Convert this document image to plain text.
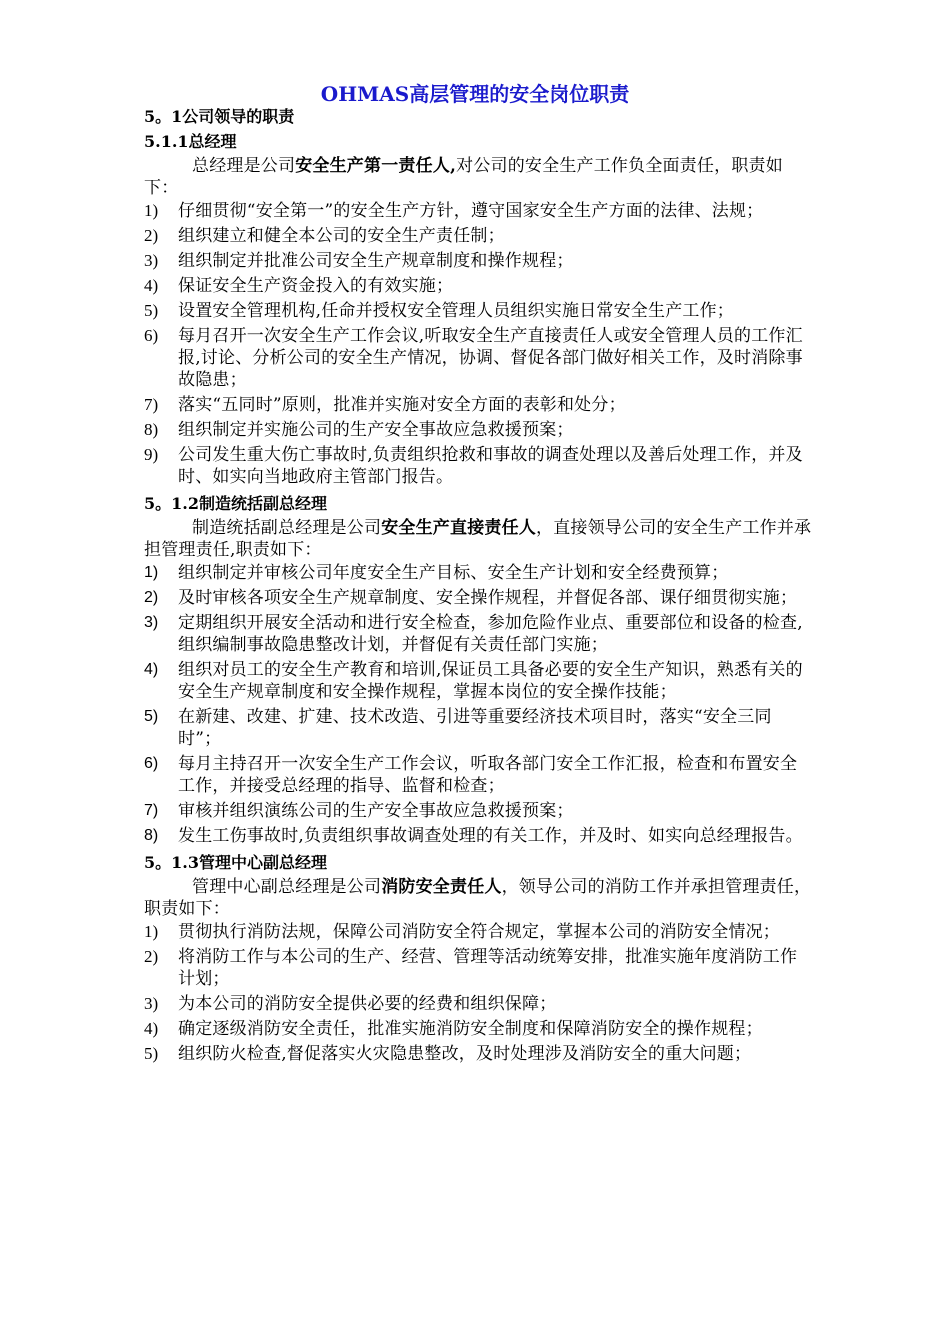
OHMAS高层管理的安全岗位职责
5。1公司领导的职责
5.1.1总经理

总经理是公司安全生产第一责任人,对公司的安全生产工作负全面责任，职责如下：

1)	仔细贯彻“安全第一”的安全生产方针，遵守国家安全生产方面的法律、法规；
2)	组织建立和健全本公司的安全生产责任制；
3)	组织制定并批准公司安全生产规章制度和操作规程；
4)	保证安全生产资金投入的有效实施；
5)	设置安全管理机构,任命并授权安全管理人员组织实施日常安全生产工作；
6)	每月召开一次安全生产工作会议,听取安全生产直接责任人或安全管理人员的工作汇报,讨论、分析公司的安全生产情况，协调、督促各部门做好相关工作，及时消除事故隐患；
7)	落实“五同时”原则，批准并实施对安全方面的表彰和处分；
8)	组织制定并实施公司的生产安全事故应急救援预案；
9)	公司发生重大伤亡事故时,负责组织抢救和事故的调查处理以及善后处理工作，并及时、如实向当地政府主管部门报告。
5。1.2制造统括副总经理

制造统括副总经理是公司安全生产直接责任人，直接领导公司的安全生产工作并承担管理责任,职责如下：

1)	组织制定并审核公司年度安全生产目标、安全生产计划和安全经费预算；
2)	及时审核各项安全生产规章制度、安全操作规程，并督促各部、课仔细贯彻实施；
3)	定期组织开展安全活动和进行安全检查，参加危险作业点、重要部位和设备的检查,组织编制事故隐患整改计划，并督促有关责任部门实施；
4)	组织对员工的安全生产教育和培训,保证员工具备必要的安全生产知识，熟悉有关的安全生产规章制度和安全操作规程，掌握本岗位的安全操作技能；
5)	在新建、改建、扩建、技术改造、引进等重要经济技术项目时，落实“安全三同时”；
6)	每月主持召开一次安全生产工作会议，听取各部门安全工作汇报，检查和布置安全工作，并接受总经理的指导、监督和检查；
7)	审核并组织演练公司的生产安全事故应急救援预案；
8)	发生工伤事故时,负责组织事故调查处理的有关工作，并及时、如实向总经理报告。
5。1.3管理中心副总经理

管理中心副总经理是公司消防安全责任人，领导公司的消防工作并承担管理责任，职责如下：

1)	贯彻执行消防法规，保障公司消防安全符合规定，掌握本公司的消防安全情况；
2)	将消防工作与本公司的生产、经营、管理等活动统筹安排，批准实施年度消防工作计划；
3)	为本公司的消防安全提供必要的经费和组织保障；
4)	确定逐级消防安全责任，批准实施消防安全制度和保障消防安全的操作规程；
5)	组织防火检查,督促落实火灾隐患整改，及时处理涉及消防安全的重大问题；
